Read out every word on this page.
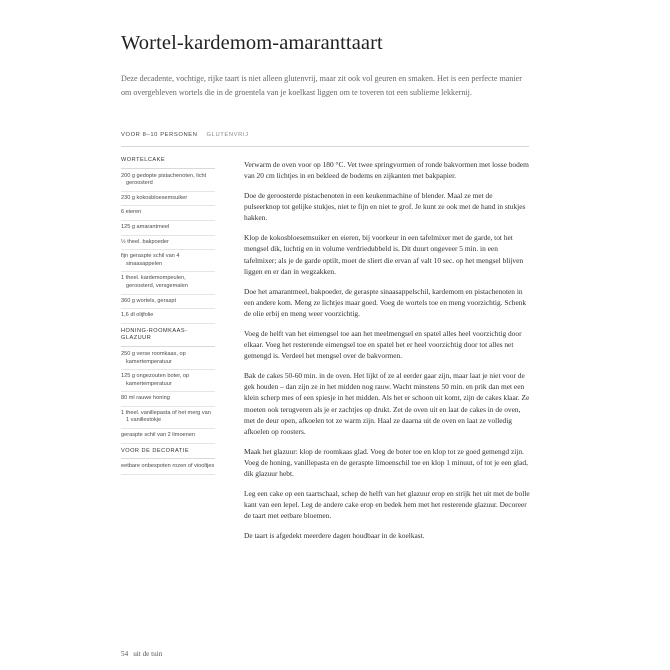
Wortel-kardemom-amaranttaart

Deze decadente, vochtige, rijke taart is niet alleen glutenvrij, maar zit ook vol geuren en smaken. Het is een perfecte manier om overgebleven wortels die in de groentela van je koelkast liggen om te toveren tot een sublieme lekkernij.

VOOR 8–10 PERSONEN GLUTENVRIJ
WORTELCAKE
200 g gedopte pistachenoten, licht geroosterd
230 g kokosbloesemsuiker
6 eieren
125 g amarantmeel
½ theel. bakpoeder
fijn geraspte schil van 4 sinaasappelen
1 theel. kardemompeulen, geroosterd, versgemalen
360 g wortels, geraspt
1,6 dl olijfolie
HONING-ROOMKAAS-GLAZUUR
250 g verse roomkaas, op kamertemperatuur
125 g ongezouten boter, op kamertemperatuur
80 ml rauwe honing
1 theel. vanillepasta of het merg van 1 vanillestokje
geraspte schil van 2 limoenen
VOOR DE DECORATIE
eetbare onbespoten rozen of viooltjes

Verwarm de oven voor op 180 °C. Vet twee springvormen of ronde bakvormen met losse bodem van 20 cm lichtjes in en bekleed de bodems en zijkanten met bakpapier.

Doe de geroosterde pistachenoten in een keukenmachine of blender. Maal ze met de pulseerknop tot gelijke stukjes, niet te fijn en niet te grof. Je kunt ze ook met de hand in stukjes hakken.

Klop de kokosbloesemsuiker en eieren, bij voorkeur in een tafelmixer met de garde, tot het mengsel dik, luchtig en in volume verdriedubbeld is. Dit duurt ongeveer 5 min. in een tafelmixer; als je de garde optilt, moet de sliert die ervan af valt 10 sec. op het mengsel blijven liggen en er dan in wegzakken.

Doe het amarantmeel, bakpoeder, de geraspte sinaasappelschil, kardemom en pistachenoten in een andere kom. Meng ze lichtjes maar goed. Voeg de wortels toe en meng voorzichtig. Schenk de olie erbij en meng weer voorzichtig.

Voeg de helft van het eimengsel toe aan het meelmengsel en spatel alles heel voorzichtig door elkaar. Voeg het resterende eimengsel toe en spatel het er heel voorzichtig door tot alles net gemengd is. Verdeel het mengsel over de bakvormen.

Bak de cakes 50-60 min. in de oven. Het lijkt of ze al eerder gaar zijn, maar laat je niet voor de gek houden – dan zijn ze in het midden nog rauw. Wacht minstens 50 min. en prik dan met een klein scherp mes of een spiesje in het midden. Als het er schoon uit komt, zijn de cakes klaar. Ze moeten ook terugveren als je er zachtjes op drukt. Zet de oven uit en laat de cakes in de oven, met de deur open, afkoelen tot ze warm zijn. Haal ze daarna uit de oven en laat ze volledig afkoelen op roosters.

Maak het glazuur: klop de roomkaas glad. Voeg de boter toe en klop tot ze goed gemengd zijn. Voeg de honing, vanillepasta en de geraspte limoenschil toe en klop 1 minuut, of tot je een glad, dik glazuur hebt.

Leg een cake op een taartschaal, schep de helft van het glazuur erop en strijk het uit met de bolle kant van een lepel. Leg de andere cake erop en bedek hem met het resterende glazuur. Decoreer de taart met eetbare bloemen.

De taart is afgedekt meerdere dagen houdbaar in de koelkast.

54 uit de tuin
